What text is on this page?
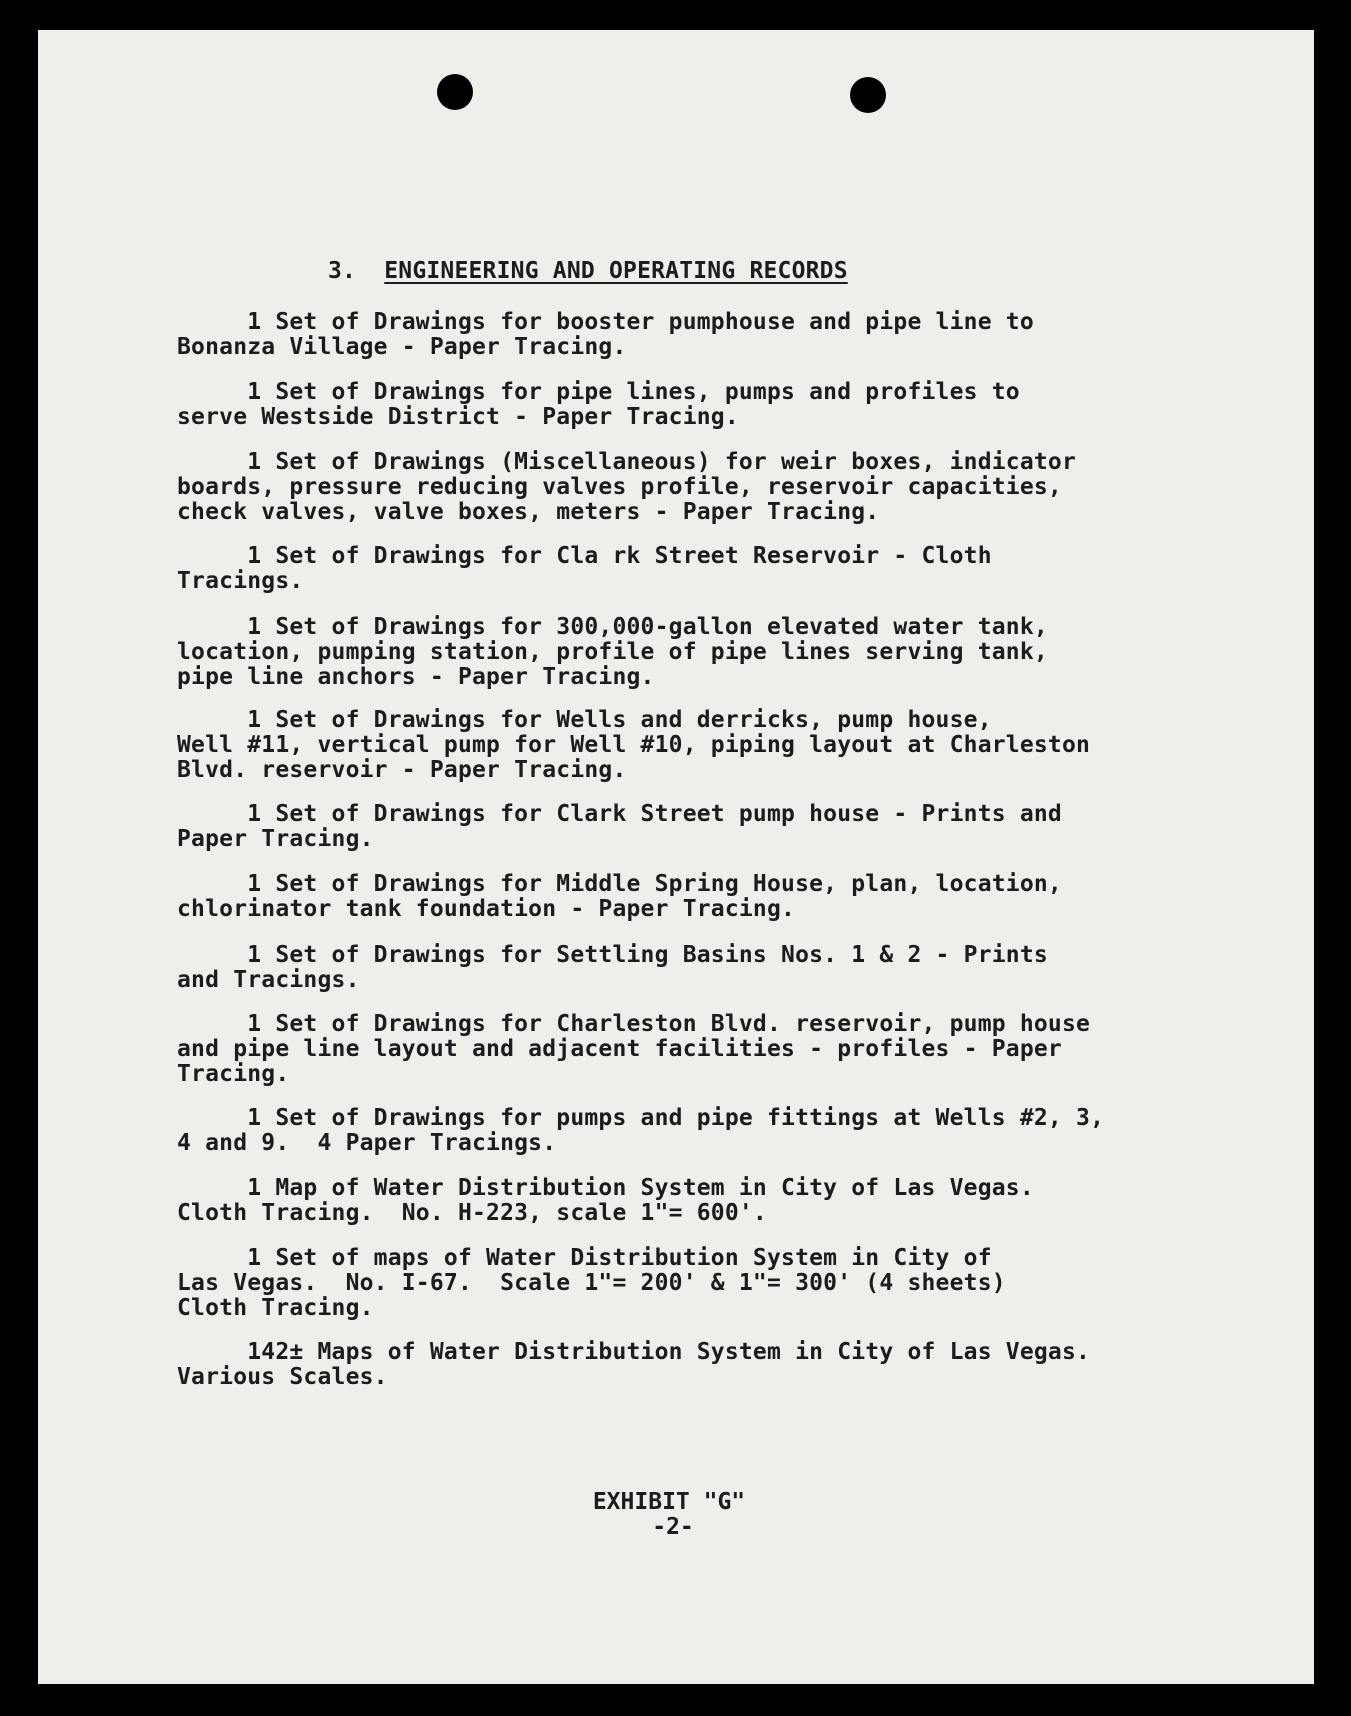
3. ENGINEERING AND OPERATING RECORDS
1 Set of Drawings for booster pumphouse and pipe line to
Bonanza Village - Paper Tracing.
1 Set of Drawings for pipe lines, pumps and profiles to
serve Westside District - Paper Tracing.
1 Set of Drawings (Miscellaneous) for weir boxes, indicator
boards, pressure reducing valves profile, reservoir capacities,
check valves, valve boxes, meters - Paper Tracing.
1 Set of Drawings for Cla rk Street Reservoir - Cloth
Tracings.
1 Set of Drawings for 300,000-gallon elevated water tank,
location, pumping station, profile of pipe lines serving tank,
pipe line anchors - Paper Tracing.
1 Set of Drawings for Wells and derricks, pump house,
Well #11, vertical pump for Well #10, piping layout at Charleston
Blvd. reservoir - Paper Tracing.
1 Set of Drawings for Clark Street pump house - Prints and
Paper Tracing.
1 Set of Drawings for Middle Spring House, plan, location,
chlorinator tank foundation - Paper Tracing.
1 Set of Drawings for Settling Basins Nos. 1 & 2 - Prints
and Tracings.
1 Set of Drawings for Charleston Blvd. reservoir, pump house
and pipe line layout and adjacent facilities - profiles - Paper
Tracing.
1 Set of Drawings for pumps and pipe fittings at Wells #2, 3,
4 and 9.  4 Paper Tracings.
1 Map of Water Distribution System in City of Las Vegas.
Cloth Tracing.  No. H-223, scale 1"= 600'.
1 Set of maps of Water Distribution System in City of
Las Vegas.  No. I-67.  Scale 1"= 200' & 1"= 300' (4 sheets)
Cloth Tracing.
142± Maps of Water Distribution System in City of Las Vegas.
Various Scales.
EXHIBIT "G"
-2-
